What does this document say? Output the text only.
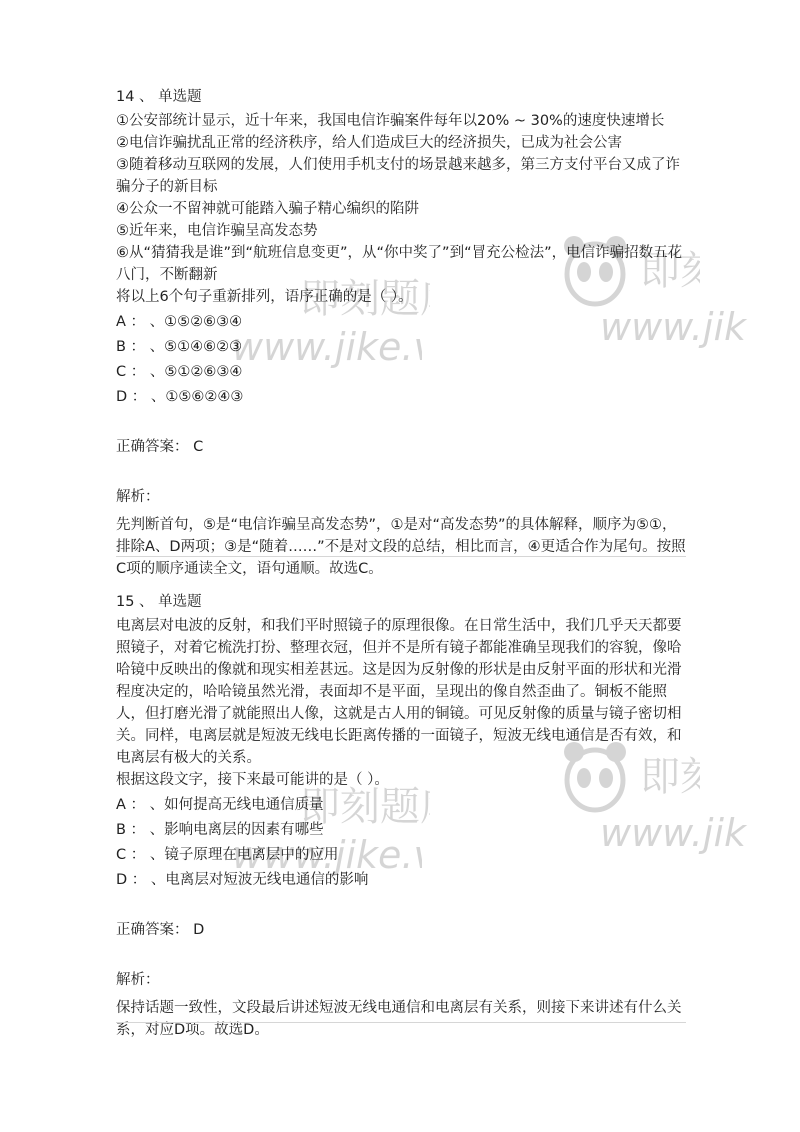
即刻题
www.jike.
即
www.jik
即刻题
www.jike.
即
www.jik
14 、 单选题
①公安部统计显示，近十年来，我国电信诈骗案件每年以20% ~ 30%的速度快速增长
②电信诈骗扰乱正常的经济秩序，给人们造成巨大的经济损失，已成为社会公害
③随着移动互联网的发展，人们使用手机支付的场景越来越多，第三方支付平台又成了诈骗分子的新目标
④公众一不留神就可能踏入骗子精心编织的陷阱
⑤近年来，电信诈骗呈高发态势
⑥从“猜猜我是谁”到“航班信息变更”，从“你中奖了”到“冒充公检法”，电信诈骗招数五花八门，不断翻新
将以上6个句子重新排列，语序正确的是（ ）。
A ： 、①⑤②⑥③④
B ： 、⑤①④⑥②③
C ： 、⑤①②⑥③④
D ： 、①⑤⑥②④③
正确答案： C
解析：
先判断首句，⑤是“电信诈骗呈高发态势”，①是对“高发态势”的具体解释，顺序为⑤①，排除A、D两项；③是“随着……”不是对文段的总结，相比而言，④更适合作为尾句。按照C项的顺序通读全文，语句通顺。故选C。
15 、 单选题
电离层对电波的反射，和我们平时照镜子的原理很像。在日常生活中，我们几乎天天都要照镜子，对着它梳洗打扮、整理衣冠，但并不是所有镜子都能准确呈现我们的容貌，像哈哈镜中反映出的像就和现实相差甚远。这是因为反射像的形状是由反射平面的形状和光滑程度决定的，哈哈镜虽然光滑，表面却不是平面，呈现出的像自然歪曲了。铜板不能照人，但打磨光滑了就能照出人像，这就是古人用的铜镜。可见反射像的质量与镜子密切相关。同样，电离层就是短波无线电长距离传播的一面镜子，短波无线电通信是否有效，和电离层有极大的关系。
根据这段文字，接下来最可能讲的是（ ）。
A ： 、如何提高无线电通信质量
B ： 、影响电离层的因素有哪些
C ： 、镜子原理在电离层中的应用
D ： 、电离层对短波无线电通信的影响
正确答案： D
解析：
保持话题一致性，文段最后讲述短波无线电通信和电离层有关系，则接下来讲述有什么关系，对应D项。故选D。
